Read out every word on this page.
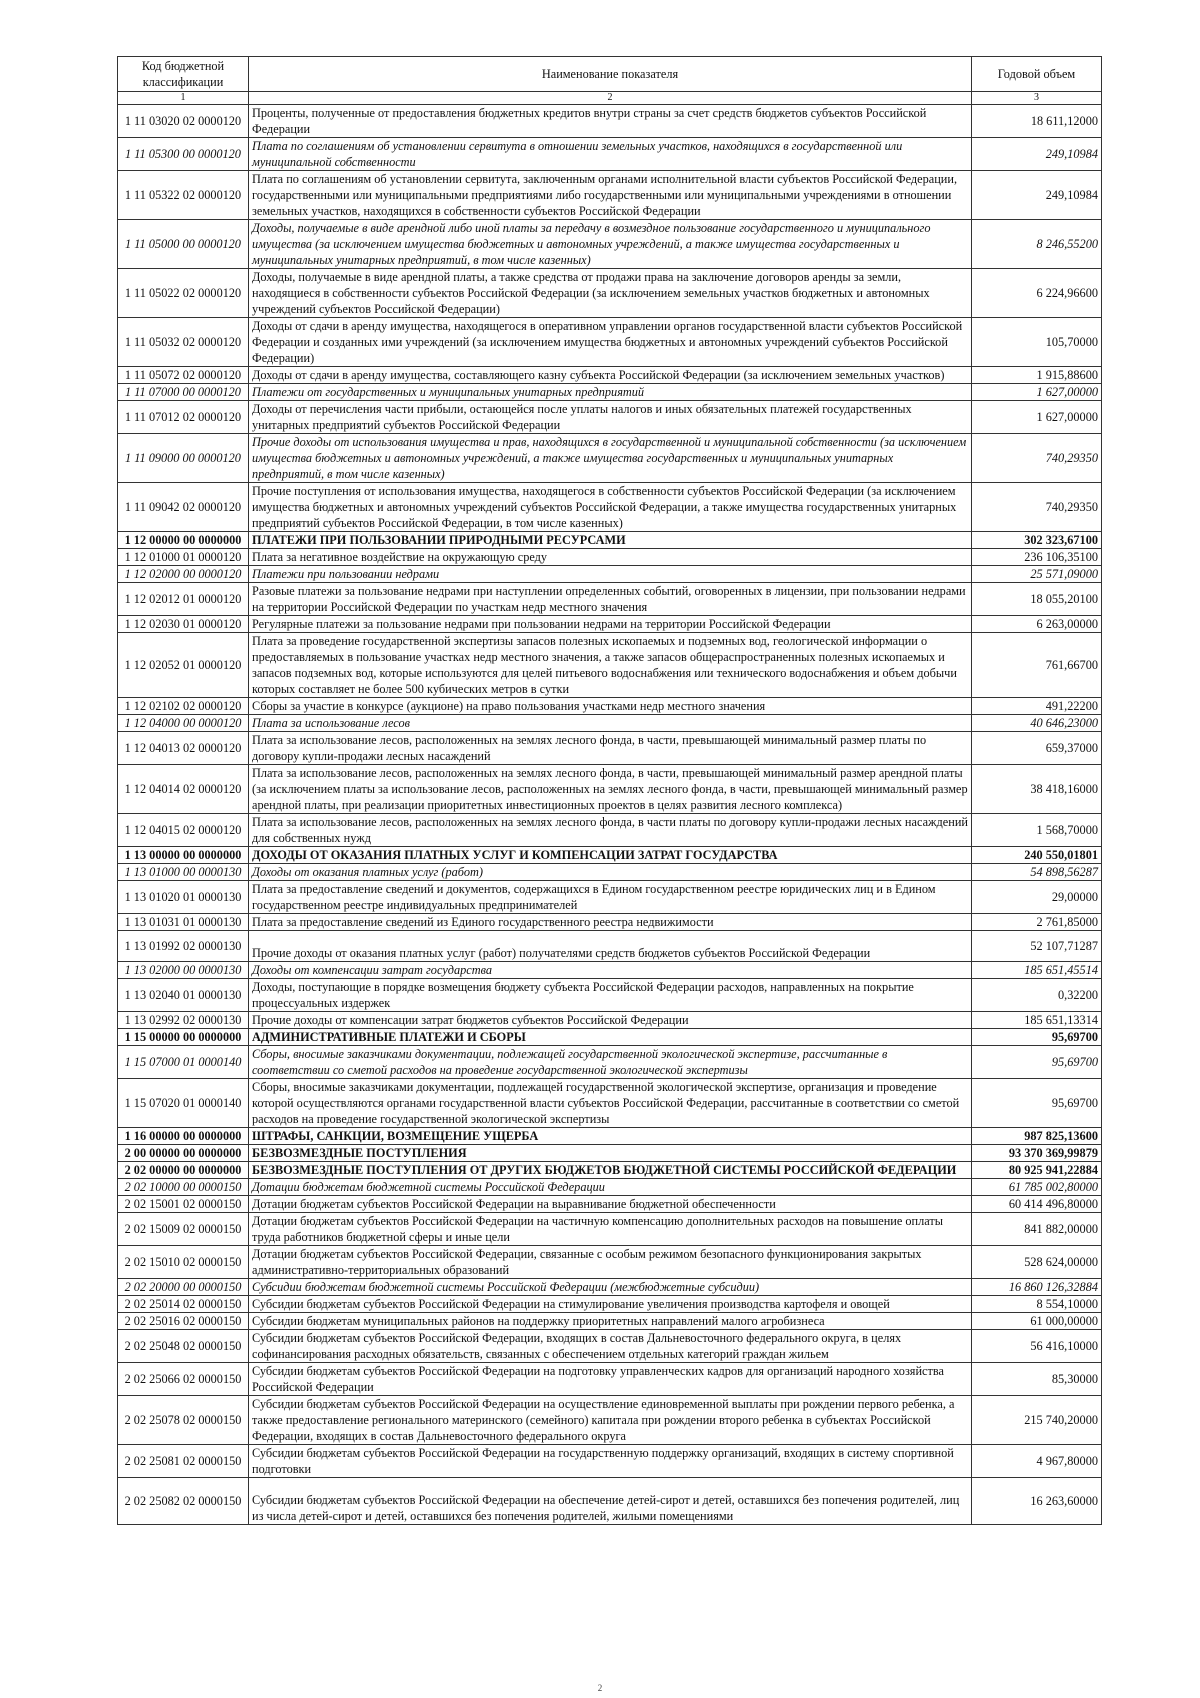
Код бюджетной классификации	Наименование показателя	Годовой объем
1	2	3
1 11 03020 02 0000120	Проценты, полученные от предоставления бюджетных кредитов внутри страны за счет средств бюджетов субъектов Российской Федерации	18 611,12000
1 11 05300 00 0000120	Плата по соглашениям об установлении сервитута в отношении земельных участков, находящихся в государственной или муниципальной собственности	249,10984
1 11 05322 02 0000120	Плата по соглашениям об установлении сервитута, заключенным органами исполнительной власти субъектов Российской Федерации, государственными или муниципальными предприятиями либо государственными или муниципальными учреждениями в отношении земельных участков, находящихся в собственности субъектов Российской Федерации	249,10984
1 11 05000 00 0000120	Доходы, получаемые в виде арендной либо иной платы за передачу в возмездное пользование государственного и муниципального имущества (за исключением имущества бюджетных и автономных учреждений, а также имущества государственных и муниципальных унитарных предприятий, в том числе казенных)	8 246,55200
1 11 05022 02 0000120	Доходы, получаемые в виде арендной платы, а также средства от продажи права на заключение договоров аренды за земли, находящиеся в собственности субъектов Российской Федерации (за исключением земельных участков бюджетных и автономных учреждений субъектов Российской Федерации)	6 224,96600
1 11 05032 02 0000120	Доходы от сдачи в аренду имущества, находящегося в оперативном управлении органов государственной власти субъектов Российской Федерации и созданных ими учреждений (за исключением имущества бюджетных и автономных учреждений субъектов Российской Федерации)	105,70000
1 11 05072 02 0000120	Доходы от сдачи в аренду имущества, составляющего казну субъекта Российской Федерации (за исключением земельных участков)	1 915,88600
1 11 07000 00 0000120	Платежи от государственных и муниципальных унитарных предприятий	1 627,00000
1 11 07012 02 0000120	Доходы от перечисления части прибыли, остающейся после уплаты налогов и иных обязательных платежей государственных унитарных предприятий субъектов Российской Федерации	1 627,00000
1 11 09000 00 0000120	Прочие доходы от использования имущества и прав, находящихся в государственной и муниципальной собственности (за исключением имущества бюджетных и автономных учреждений, а также имущества государственных и муниципальных унитарных предприятий, в том числе казенных)	740,29350
1 11 09042 02 0000120	Прочие поступления от использования имущества, находящегося в собственности субъектов Российской Федерации (за исключением имущества бюджетных и автономных учреждений субъектов Российской Федерации, а также имущества государственных унитарных предприятий субъектов Российской Федерации, в том числе казенных)	740,29350
1 12 00000 00 0000000	ПЛАТЕЖИ ПРИ ПОЛЬЗОВАНИИ ПРИРОДНЫМИ РЕСУРСАМИ	302 323,67100
1 12 01000 01 0000120	Плата за негативное воздействие на окружающую среду	236 106,35100
1 12 02000 00 0000120	Платежи при пользовании недрами	25 571,09000
1 12 02012 01 0000120	Разовые платежи за пользование недрами при наступлении определенных событий, оговоренных в лицензии, при пользовании недрами на территории Российской Федерации по участкам недр местного значения	18 055,20100
1 12 02030 01 0000120	Регулярные платежи за пользование недрами при пользовании недрами на территории Российской Федерации	6 263,00000
1 12 02052 01 0000120	Плата за проведение государственной экспертизы запасов полезных ископаемых и подземных вод, геологической информации о предоставляемых в пользование участках недр местного значения, а также запасов общераспространенных полезных ископаемых и запасов подземных вод, которые используются для целей питьевого водоснабжения или технического водоснабжения и объем добычи которых составляет не более 500 кубических метров в сутки	761,66700
1 12 02102 02 0000120	Сборы за участие в конкурсе (аукционе) на право пользования участками недр местного значения	491,22200
1 12 04000 00 0000120	Плата за использование лесов	40 646,23000
1 12 04013 02 0000120	Плата за использование лесов, расположенных на землях лесного фонда, в части, превышающей минимальный размер платы по договору купли-продажи лесных насаждений	659,37000
1 12 04014 02 0000120	Плата за использование лесов, расположенных на землях лесного фонда, в части, превышающей минимальный размер арендной платы (за исключением платы за использование лесов, расположенных на землях лесного фонда, в части, превышающей минимальный размер арендной платы, при реализации приоритетных инвестиционных проектов в целях развития лесного комплекса)	38 418,16000
1 12 04015 02 0000120	Плата за использование лесов, расположенных на землях лесного фонда, в части платы по договору купли-продажи лесных насаждений для собственных нужд	1 568,70000
1 13 00000 00 0000000	ДОХОДЫ ОТ ОКАЗАНИЯ ПЛАТНЫХ УСЛУГ И КОМПЕНСАЦИИ ЗАТРАТ ГОСУДАРСТВА	240 550,01801
1 13 01000 00 0000130	Доходы от оказания платных услуг (работ)	54 898,56287
1 13 01020 01 0000130	Плата за предоставление сведений и документов, содержащихся в Едином государственном реестре юридических лиц и в Едином государственном реестре индивидуальных предпринимателей	29,00000
1 13 01031 01 0000130	Плата за предоставление сведений из Единого государственного реестра недвижимости	2 761,85000
1 13 01992 02 0000130	Прочие доходы от оказания платных услуг (работ) получателями средств бюджетов субъектов Российской Федерации	52 107,71287
1 13 02000 00 0000130	Доходы от компенсации затрат государства	185 651,45514
1 13 02040 01 0000130	Доходы, поступающие в порядке возмещения бюджету субъекта Российской Федерации расходов, направленных на покрытие процессуальных издержек	0,32200
1 13 02992 02 0000130	Прочие доходы от компенсации затрат бюджетов субъектов Российской Федерации	185 651,13314
1 15 00000 00 0000000	АДМИНИСТРАТИВНЫЕ ПЛАТЕЖИ И СБОРЫ	95,69700
1 15 07000 01 0000140	Сборы, вносимые заказчиками документации, подлежащей государственной экологической экспертизе, рассчитанные в соответствии со сметой расходов на проведение государственной экологической экспертизы	95,69700
1 15 07020 01 0000140	Сборы, вносимые заказчиками документации, подлежащей государственной экологической экспертизе, организация и проведение которой осуществляются органами государственной власти субъектов Российской Федерации, рассчитанные в соответствии со сметой расходов на проведение государственной экологической экспертизы	95,69700
1 16 00000 00 0000000	ШТРАФЫ, САНКЦИИ, ВОЗМЕЩЕНИЕ УЩЕРБА	987 825,13600
2 00 00000 00 0000000	БЕЗВОЗМЕЗДНЫЕ ПОСТУПЛЕНИЯ	93 370 369,99879
2 02 00000 00 0000000	БЕЗВОЗМЕЗДНЫЕ ПОСТУПЛЕНИЯ ОТ ДРУГИХ БЮДЖЕТОВ БЮДЖЕТНОЙ СИСТЕМЫ РОССИЙСКОЙ ФЕДЕРАЦИИ	80 925 941,22884
2 02 10000 00 0000150	Дотации бюджетам бюджетной системы Российской Федерации	61 785 002,80000
2 02 15001 02 0000150	Дотации бюджетам субъектов Российской Федерации на выравнивание бюджетной обеспеченности	60 414 496,80000
2 02 15009 02 0000150	Дотации бюджетам субъектов Российской Федерации на частичную компенсацию дополнительных расходов на повышение оплаты труда работников бюджетной сферы и иные цели	841 882,00000
2 02 15010 02 0000150	Дотации бюджетам субъектов Российской Федерации, связанные с особым режимом безопасного функционирования закрытых административно-территориальных образований	528 624,00000
2 02 20000 00 0000150	Субсидии бюджетам бюджетной системы Российской Федерации (межбюджетные субсидии)	16 860 126,32884
2 02 25014 02 0000150	Субсидии бюджетам субъектов Российской Федерации на стимулирование увеличения производства картофеля и овощей	8 554,10000
2 02 25016 02 0000150	Субсидии бюджетам муниципальных районов на поддержку приоритетных направлений малого агробизнеса	61 000,00000
2 02 25048 02 0000150	Субсидии бюджетам субъектов Российской Федерации, входящих в состав Дальневосточного федерального округа, в целях софинансирования расходных обязательств, связанных с обеспечением отдельных категорий граждан жильем	56 416,10000
2 02 25066 02 0000150	Субсидии бюджетам субъектов Российской Федерации на подготовку управленческих кадров для организаций народного хозяйства Российской Федерации	85,30000
2 02 25078 02 0000150	Субсидии бюджетам субъектов Российской Федерации на осуществление единовременной выплаты при рождении первого ребенка, а также предоставление регионального материнского (семейного) капитала при рождении второго ребенка в субъектах Российской Федерации, входящих в состав Дальневосточного федерального округа	215 740,20000
2 02 25081 02 0000150	Субсидии бюджетам субъектов Российской Федерации на государственную поддержку организаций, входящих в систему спортивной подготовки	4 967,80000
2 02 25082 02 0000150	Субсидии бюджетам субъектов Российской Федерации на обеспечение детей-сирот и детей, оставшихся без попечения родителей, лиц из числа детей-сирот и детей, оставшихся без попечения родителей, жилыми помещениями	16 263,60000
2
